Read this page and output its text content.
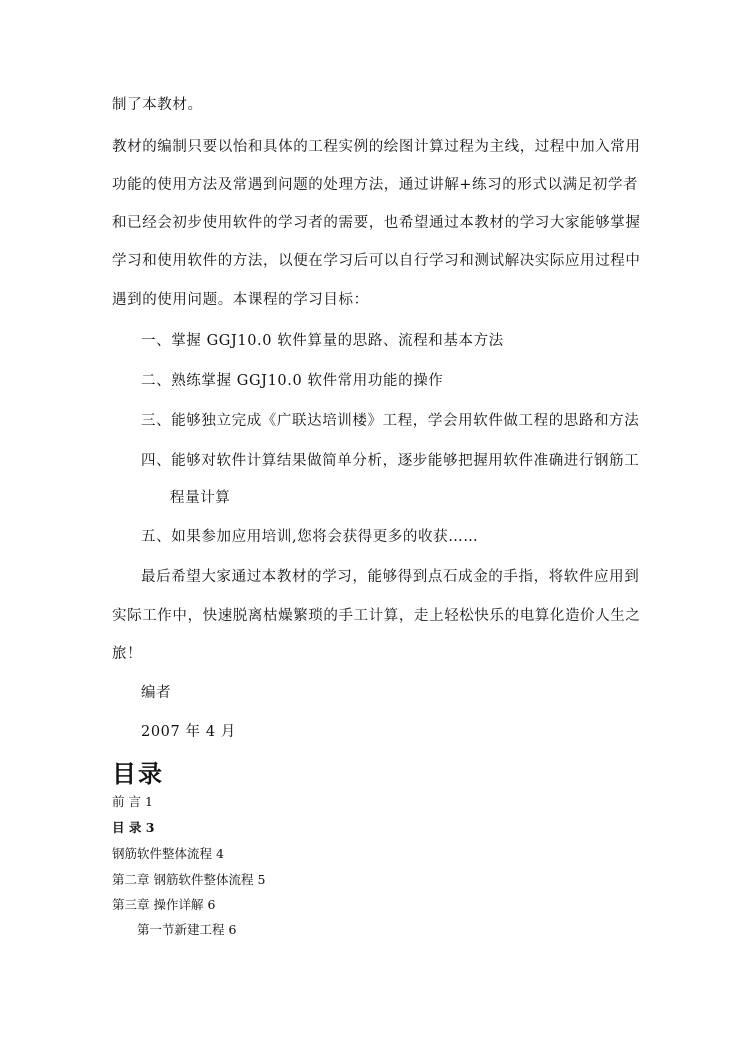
制了本教材。
教材的编制只要以怡和具体的工程实例的绘图计算过程为主线，过程中加入常用
功能的使用方法及常遇到问题的处理方法，通过讲解+练习的形式以满足初学者
和已经会初步使用软件的学习者的需要，也希望通过本教材的学习大家能够掌握
学习和使用软件的方法，以便在学习后可以自行学习和测试解决实际应用过程中
遇到的使用问题。本课程的学习目标：
一、掌握 GGJ10.0 软件算量的思路、流程和基本方法
二、熟练掌握 GGJ10.0 软件常用功能的操作
三、能够独立完成《广联达培训楼》工程，学会用软件做工程的思路和方法
四、能够对软件计算结果做简单分析，逐步能够把握用软件准确进行钢筋工
程量计算
五、如果参加应用培训,您将会获得更多的收获……
最后希望大家通过本教材的学习，能够得到点石成金的手指，将软件应用到
实际工作中，快速脱离枯燥繁琐的手工计算，走上轻松快乐的电算化造价人生之
旅！
编者
2007 年 4 月
目录
前 言 1
目 录 3
钢筋软件整体流程 4
第二章 钢筋软件整体流程 5
第三章 操作详解 6
第一节新建工程 6
